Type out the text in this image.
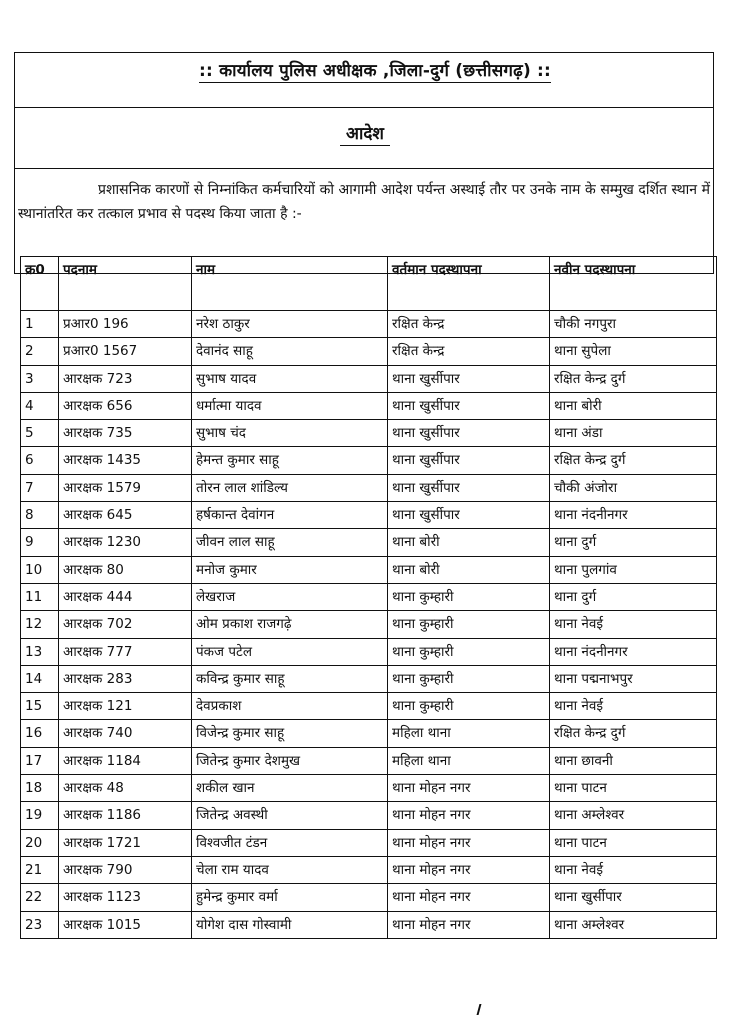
:: कार्यालय पुलिस अधीक्षक ,जिला-दुर्ग (छत्तीसगढ़) ::
आदेश
प्रशासनिक कारणों से निम्नांकित कर्मचारियों को आगामी आदेश पर्यन्त अस्थाई तौर पर उनके नाम के सम्मुख दर्शित स्थान में स्थानांतरित कर तत्काल प्रभाव से पदस्थ किया जाता है :-
क्र0	पदनाम	नाम	वर्तमान पदस्थापना	नवीन पदस्थापना
1	प्रआर0 196	नरेश ठाकुर	रक्षित केन्द्र	चौकी नगपुरा
2	प्रआर0 1567	देवानंद साहू	रक्षित केन्द्र	थाना सुपेला
3	आरक्षक 723	सुभाष यादव	थाना खुर्सीपार	रक्षित केन्द्र दुर्ग
4	आरक्षक 656	धर्मात्मा यादव	थाना खुर्सीपार	थाना बोरी
5	आरक्षक 735	सुभाष चंद	थाना खुर्सीपार	थाना अंडा
6	आरक्षक 1435	हेमन्त कुमार साहू	थाना खुर्सीपार	रक्षित केन्द्र दुर्ग
7	आरक्षक 1579	तोरन लाल शांडिल्य	थाना खुर्सीपार	चौकी अंजोरा
8	आरक्षक 645	हर्षकान्त देवांगन	थाना खुर्सीपार	थाना नंदनीनगर
9	आरक्षक 1230	जीवन लाल साहू	थाना बोरी	थाना दुर्ग
10	आरक्षक 80	मनोज कुमार	थाना बोरी	थाना पुलगांव
11	आरक्षक 444	लेखराज	थाना कुम्हारी	थाना दुर्ग
12	आरक्षक 702	ओम प्रकाश राजगढ़े	थाना कुम्हारी	थाना नेवई
13	आरक्षक 777	पंकज पटेल	थाना कुम्हारी	थाना नंदनीनगर
14	आरक्षक 283	कविन्द्र कुमार साहू	थाना कुम्हारी	थाना पद्मनाभपुर
15	आरक्षक 121	देवप्रकाश	थाना कुम्हारी	थाना नेवई
16	आरक्षक 740	विजेन्द्र कुमार साहू	महिला थाना	रक्षित केन्द्र दुर्ग
17	आरक्षक 1184	जितेन्द्र कुमार देशमुख	महिला थाना	थाना छावनी
18	आरक्षक 48	शकील खान	थाना मोहन नगर	थाना पाटन
19	आरक्षक 1186	जितेन्द्र अवस्थी	थाना मोहन नगर	थाना अम्लेश्वर
20	आरक्षक 1721	विश्वजीत टंडन	थाना मोहन नगर	थाना पाटन
21	आरक्षक 790	चेला राम यादव	थाना मोहन नगर	थाना नेवई
22	आरक्षक 1123	हुमेन्द्र कुमार वर्मा	थाना मोहन नगर	थाना खुर्सीपार
23	आरक्षक 1015	योगेश दास गोस्वामी	थाना मोहन नगर	थाना अम्लेश्वर
